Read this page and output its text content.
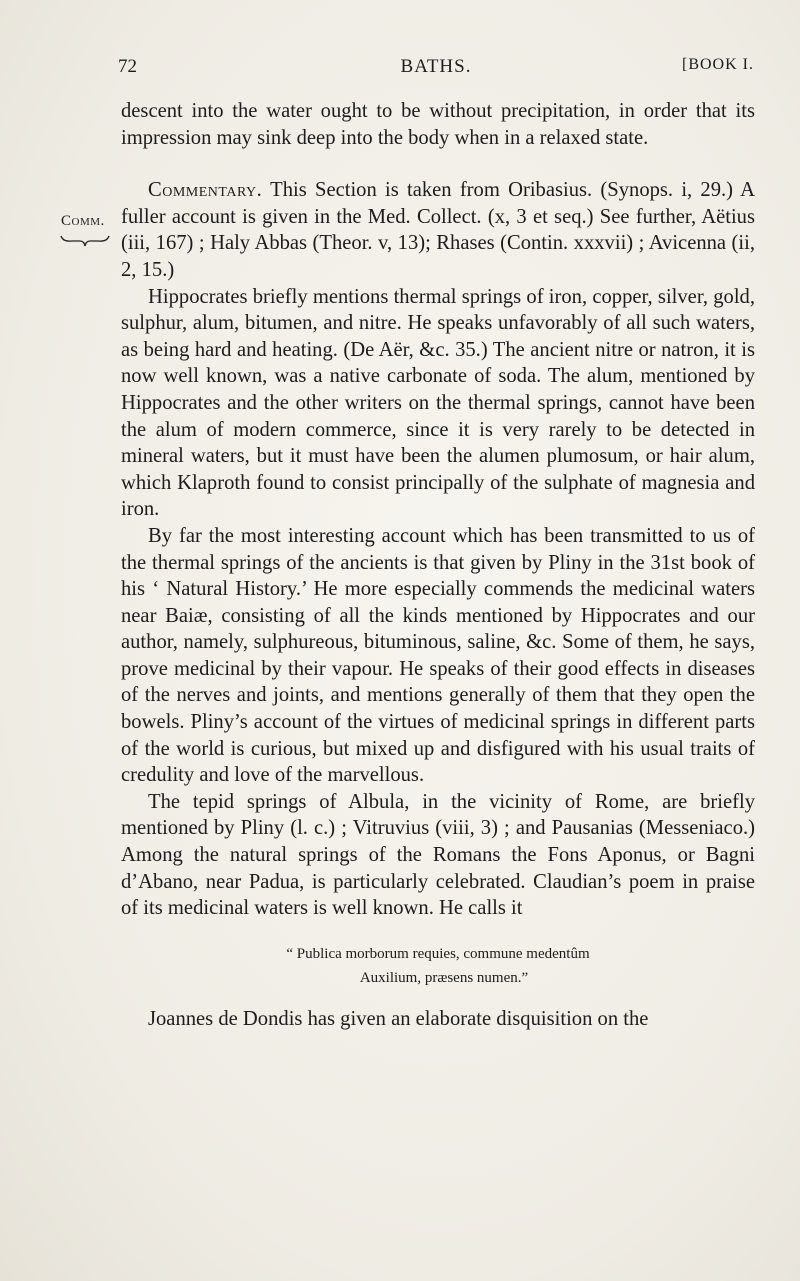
72	BATHS.	[BOOK I.
Comm.

descent into the water ought to be without precipitation, in order that its impression may sink deep into the body when in a relaxed state.

Commentary. This Section is taken from Oribasius. (Synops. i, 29.) A fuller account is given in the Med. Collect. (x, 3 et seq.) See further, Aëtius (iii, 167) ; Haly Abbas (Theor. v, 13); Rhases (Contin. xxxvii) ; Avicenna (ii, 2, 15.)

Hippocrates briefly mentions thermal springs of iron, copper, silver, gold, sulphur, alum, bitumen, and nitre. He speaks unfavorably of all such waters, as being hard and heating. (De Aër, &c. 35.) The ancient nitre or natron, it is now well known, was a native carbonate of soda. The alum, mentioned by Hippocrates and the other writers on the thermal springs, cannot have been the alum of modern commerce, since it is very rarely to be detected in mineral waters, but it must have been the alumen plumosum, or hair alum, which Klaproth found to consist principally of the sulphate of magnesia and iron.

By far the most interesting account which has been transmitted to us of the thermal springs of the ancients is that given by Pliny in the 31st book of his ‘ Natural History.’ He more especially commends the medicinal waters near Baiæ, consisting of all the kinds mentioned by Hippocrates and our author, namely, sulphureous, bituminous, saline, &c. Some of them, he says, prove medicinal by their vapour. He speaks of their good effects in diseases of the nerves and joints, and mentions generally of them that they open the bowels. Pliny’s account of the virtues of medicinal springs in different parts of the world is curious, but mixed up and disfigured with his usual traits of credulity and love of the marvellous.

The tepid springs of Albula, in the vicinity of Rome, are briefly mentioned by Pliny (l. c.) ; Vitruvius (viii, 3) ; and Pausanias (Messeniaco.) Among the natural springs of the Romans the Fons Aponus, or Bagni d’Abano, near Padua, is particularly celebrated. Claudian’s poem in praise of its medicinal waters is well known. He calls it

“ Publica morborum requies, commune medentûm
Auxilium, præsens numen.”

Joannes de Dondis has given an elaborate disquisition on the
